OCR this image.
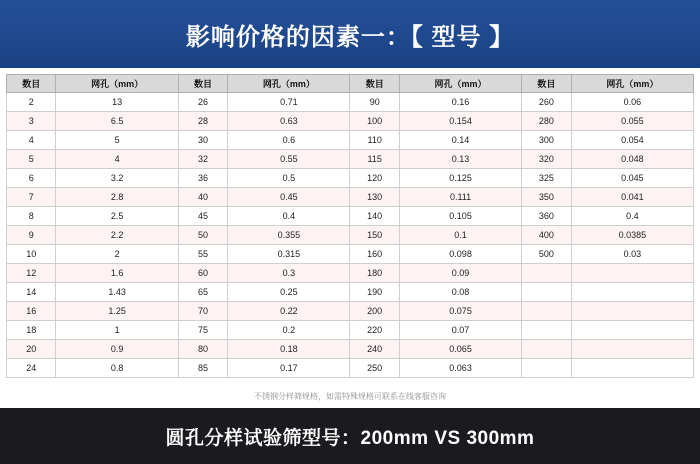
影响价格的因素一：【 型号 】
数目	网孔（mm）	数目	网孔（mm）	数目	网孔（mm）	数目	网孔（mm）
2	13	26	0.71	90	0.16	260	0.06
3	6.5	28	0.63	100	0.154	280	0.055
4	5	30	0.6	110	0.14	300	0.054
5	4	32	0.55	115	0.13	320	0.048
6	3.2	36	0.5	120	0.125	325	0.045
7	2.8	40	0.45	130	0.111	350	0.041
8	2.5	45	0.4	140	0.105	360	0.4
9	2.2	50	0.355	150	0.1	400	0.0385
10	2	55	0.315	160	0.098	500	0.03
12	1.6	60	0.3	180	0.09		
14	1.43	65	0.25	190	0.08		
16	1.25	70	0.22	200	0.075		
18	1	75	0.2	220	0.07		
20	0.9	80	0.18	240	0.065		
24	0.8	85	0.17	250	0.063		
不锈钢分样筛规格，如需特殊规格可联系在线客服咨询
圆孔分样试验筛型号：200mm VS 300mm
